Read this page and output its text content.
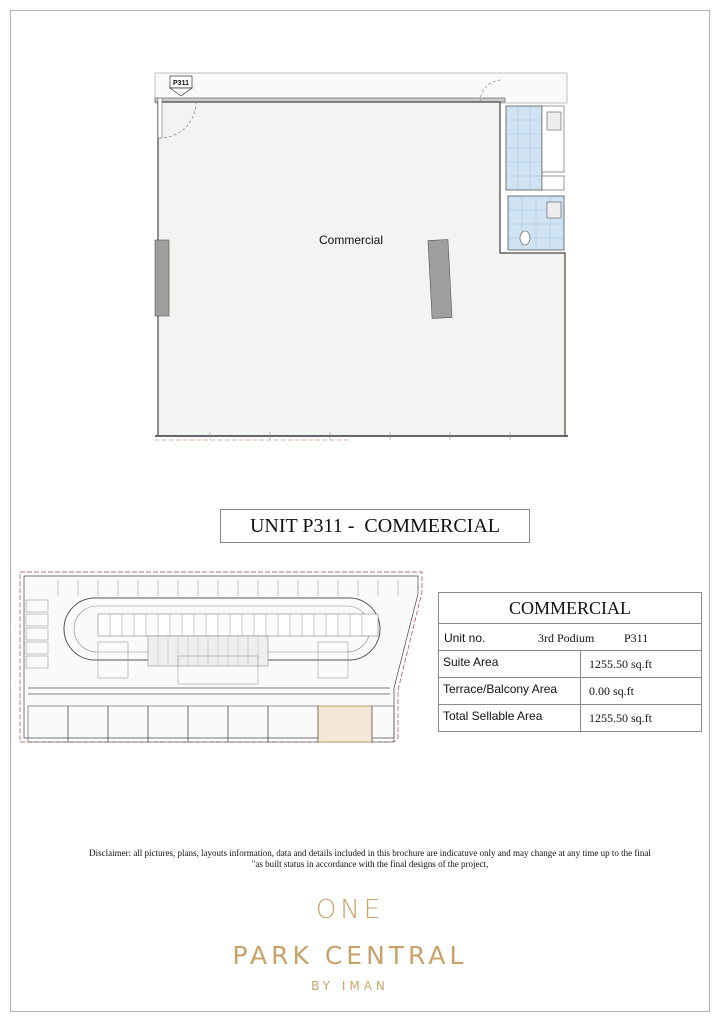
P311
Commercial
UNIT P311 -  COMMERCIAL
COMMERCIAL
Unit no.	3rd Podium P311
Suite Area	1255.50 sq.ft
Terrace/Balcony Area	0.00 sq.ft
Total Sellable Area	1255.50 sq.ft
Disclaimer: all pictures, plans, layouts information, data and details included in this brochure are indicatuve only and may change at any time up to the final
"as built status in accordance with the final designs of the project,
ONE
PARK CENTRAL
BY IMAN
